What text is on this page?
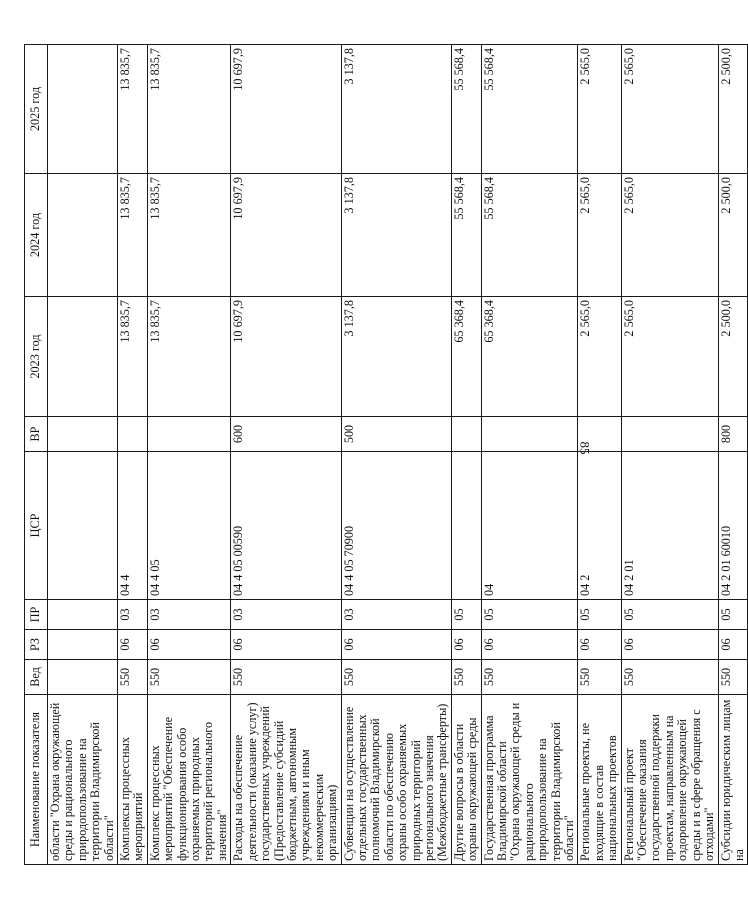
85
Наименование показателя	Вед	РЗ	ПР	ЦСР	ВР	2023 год	2024 год	2025 год
области "Охрана окружающей среды и рационального природопользование на территории Владимирской области"								
Комплексы процессных мероприятий	550	06	03	04 4		13 835,7	13 835,7	13 835,7
Комплекс процессных мероприятий "Обеспечение функционирования особо охраняемых природных территорий регионального значения"	550	06	03	04 4 05		13 835,7	13 835,7	13 835,7
Расходы на обеспечение деятельности (оказание услуг) государственных учреждений (Предоставление субсидий бюджетным, автономным учреждениям и иным некоммерческим организациям)	550	06	03	04 4 05 00590	600	10 697,9	10 697,9	10 697,9
Субвенции на осуществление отдельных государственных полномочий Владимирской области по обеспечению охраны особо охраняемых природных территорий регионального значения (Межбюджетные трансферты)	550	06	03	04 4 05 70900	500	3 137,8	3 137,8	3 137,8
Другие вопросы в области охраны окружающей среды	550	06	05			65 368,4	55 568,4	55 568,4
Государственная программа Владимирской области "Охрана окружающей среды и рационального природопользование на территории Владимирской области"	550	06	05	04		65 368,4	55 568,4	55 568,4
Региональные проекты, не входящие в состав национальных проектов	550	06	05	04 2		2 565,0	2 565,0	2 565,0
Региональный проект "Обеспечение оказания государственной поддержки проектам, направленным на оздоровление окружающей среды и в сфере обращения с отходами"	550	06	05	04 2 01		2 565,0	2 565,0	2 565,0
Субсидии юридическим лицам на	550	06	05	04 2 01 60010	800	2 500,0	2 500,0	2 500,0
